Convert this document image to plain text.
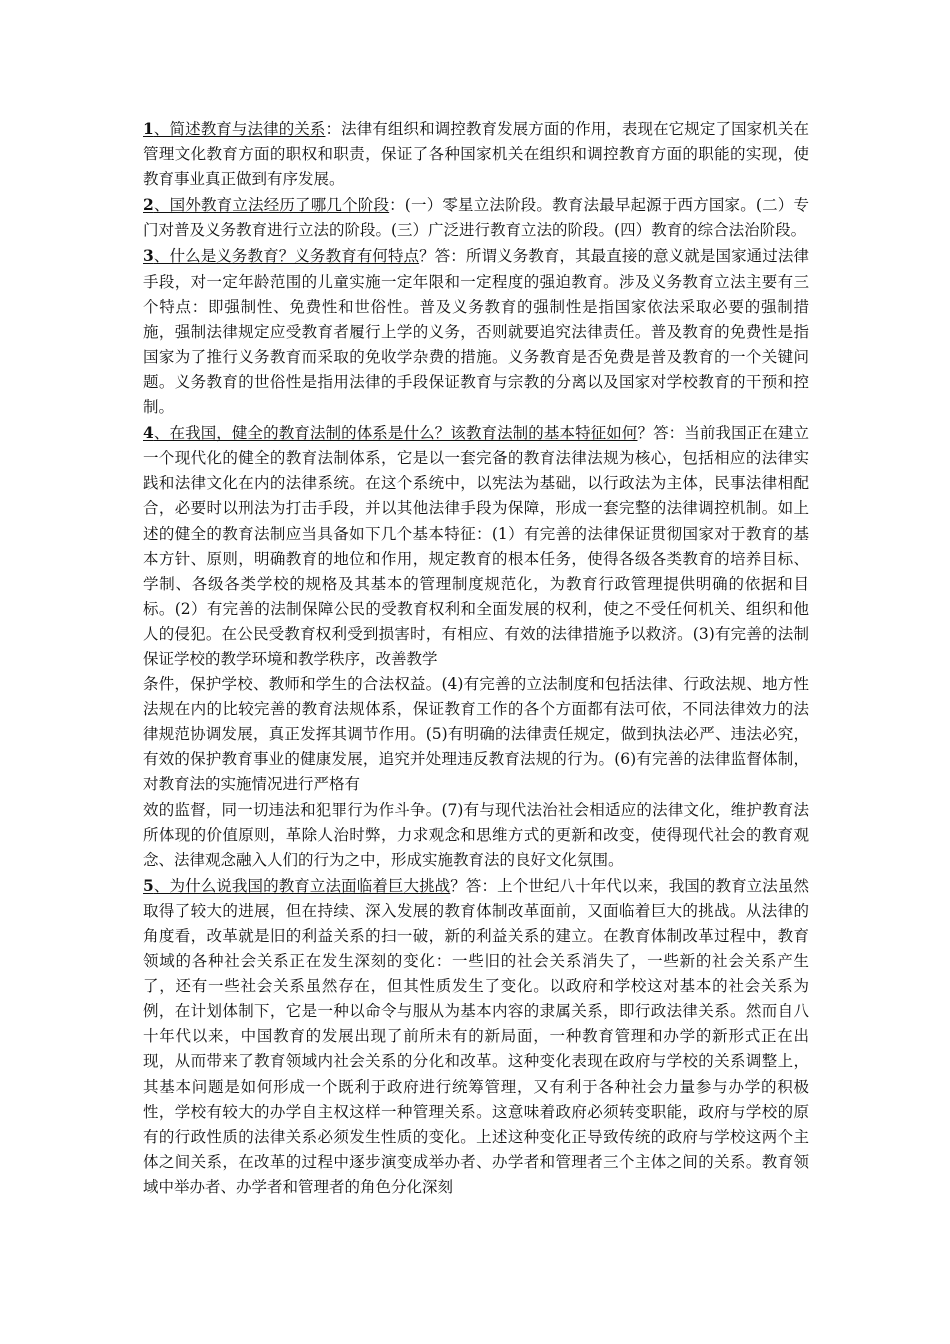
1、简述教育与法律的关系：法律有组织和调控教育发展方面的作用，表现在它规定了国家机关在管理文化教育方面的职权和职责，保证了各种国家机关在组织和调控教育方面的职能的实现，使教育事业真正做到有序发展。

2、国外教育立法经历了哪几个阶段：(一）零星立法阶段。教育法最早起源于西方国家。(二）专门对普及义务教育进行立法的阶段。(三）广泛进行教育立法的阶段。(四）教育的综合法治阶段。

3、什么是义务教育？义务教育有何特点？答：所谓义务教育，其最直接的意义就是国家通过法律手段，对一定年龄范围的儿童实施一定年限和一定程度的强迫教育。涉及义务教育立法主要有三个特点：即强制性、免费性和世俗性。普及义务教育的强制性是指国家依法采取必要的强制措施，强制法律规定应受教育者履行上学的义务，否则就要追究法律责任。普及教育的免费性是指国家为了推行义务教育而采取的免收学杂费的措施。义务教育是否免费是普及教育的一个关键问题。义务教育的世俗性是指用法律的手段保证教育与宗教的分离以及国家对学校教育的干预和控制。

4、在我国，健全的教育法制的体系是什么？该教育法制的基本特征如何？答：当前我国正在建立一个现代化的健全的教育法制体系，它是以一套完备的教育法律法规为核心，包括相应的法律实践和法律文化在内的法律系统。在这个系统中，以宪法为基础，以行政法为主体，民事法律相配合，必要时以刑法为打击手段，并以其他法律手段为保障，形成一套完整的法律调控机制。如上述的健全的教育法制应当具备如下几个基本特征：(1）有完善的法律保证贯彻国家对于教育的基本方针、原则，明确教育的地位和作用，规定教育的根本任务，使得各级各类教育的培养目标、学制、各级各类学校的规格及其基本的管理制度规范化，为教育行政管理提供明确的依据和目标。(2）有完善的法制保障公民的受教育权利和全面发展的权利，使之不受任何机关、组织和他人的侵犯。在公民受教育权利受到损害时，有相应、有效的法律措施予以救济。(3)有完善的法制保证学校的教学环境和教学秩序，改善教学

条件，保护学校、教师和学生的合法权益。(4)有完善的立法制度和包括法律、行政法规、地方性法规在内的比较完善的教育法规体系，保证教育工作的各个方面都有法可依，不同法律效力的法律规范协调发展，真正发挥其调节作用。(5)有明确的法律责任规定，做到执法必严、违法必究，有效的保护教育事业的健康发展，追究并处理违反教育法规的行为。(6)有完善的法律监督体制，对教育法的实施情况进行严格有

效的监督，同一切违法和犯罪行为作斗争。(7)有与现代法治社会相适应的法律文化，维护教育法所体现的价值原则，革除人治时弊，力求观念和思维方式的更新和改变，使得现代社会的教育观念、法律观念融入人们的行为之中，形成实施教育法的良好文化氛围。

5、为什么说我国的教育立法面临着巨大挑战？答：上个世纪八十年代以来，我国的教育立法虽然取得了较大的进展，但在持续、深入发展的教育体制改革面前，又面临着巨大的挑战。从法律的角度看，改革就是旧的利益关系的扫一破，新的利益关系的建立。在教育体制改革过程中，教育领域的各种社会关系正在发生深刻的变化：一些旧的社会关系消失了，一些新的社会关系产生了，还有一些社会关系虽然存在，但其性质发生了变化。以政府和学校这对基本的社会关系为例，在计划体制下，它是一种以命令与服从为基本内容的隶属关系，即行政法律关系。然而自八十年代以来，中国教育的发展出现了前所未有的新局面，一种教育管理和办学的新形式正在出现，从而带来了教育领域内社会关系的分化和改革。这种变化表现在政府与学校的关系调整上，其基本问题是如何形成一个既利于政府进行统筹管理，又有利于各种社会力量参与办学的积极性，学校有较大的办学自主权这样一种管理关系。这意味着政府必须转变职能，政府与学校的原有的行政性质的法律关系必须发生性质的变化。上述这种变化正导致传统的政府与学校这两个主体之间关系，在改革的过程中逐步演变成举办者、办学者和管理者三个主体之间的关系。教育领域中举办者、办学者和管理者的角色分化深刻
